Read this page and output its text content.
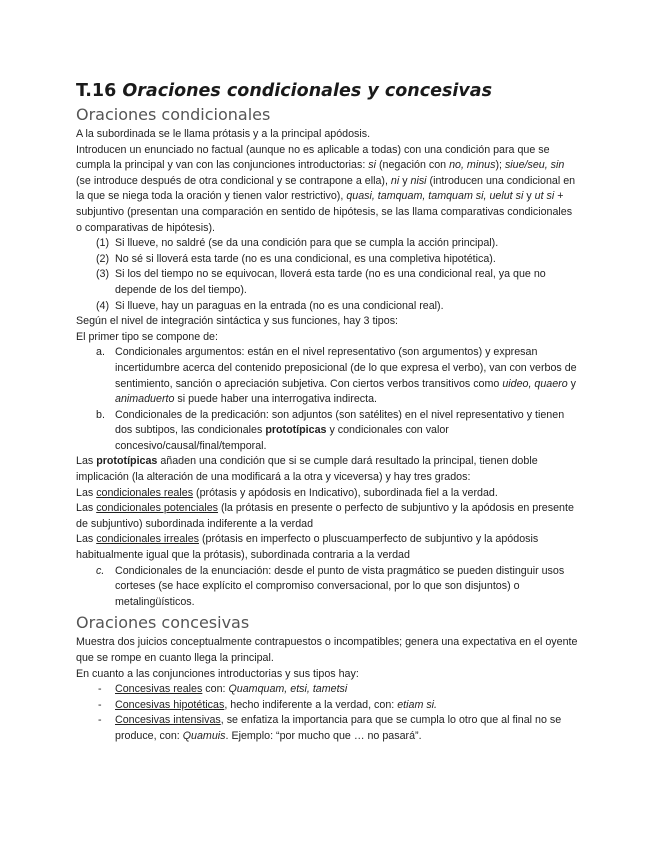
T.16 Oraciones condicionales y concesivas
Oraciones condicionales

A la subordinada se le llama prótasis y a la principal apódosis.

Introducen un enunciado no factual (aunque no es aplicable a todas) con una condición para que se cumpla la principal y van con las conjunciones introductorias: si (negación con no, minus); siue/seu, sin (se introduce después de otra condicional y se contrapone a ella), ni y nisi (introducen una condicional en la que se niega toda la oración y tienen valor restrictivo), quasi, tamquam, tamquam si, uelut si y ut si + subjuntivo (presentan una comparación en sentido de hipótesis, se las llama comparativas condicionales o comparativas de hipótesis).

(1) Si llueve, no saldré (se da una condición para que se cumpla la acción principal).
(2) No sé si lloverá esta tarde (no es una condicional, es una completiva hipotética).
(3) Si los del tiempo no se equivocan, lloverá esta tarde (no es una condicional real, ya que no depende de los del tiempo).
(4) Si llueve, hay un paraguas en la entrada (no es una condicional real).

Según el nivel de integración sintáctica y sus funciones, hay 3 tipos:

El primer tipo se compone de:

a. Condicionales argumentos: están en el nivel representativo (son argumentos) y expresan incertidumbre acerca del contenido preposicional (de lo que expresa el verbo), van con verbos de sentimiento, sanción o apreciación subjetiva. Con ciertos verbos transitivos como uideo, quaero y animaduerto si puede haber una interrogativa indirecta.
b. Condicionales de la predicación: son adjuntos (son satélites) en el nivel representativo y tienen dos subtipos, las condicionales prototípicas y condicionales con valor concesivo/causal/final/temporal.

Las prototípicas añaden una condición que si se cumple dará resultado la principal, tienen doble implicación (la alteración de una modificará a la otra y viceversa) y hay tres grados:

Las condicionales reales (prótasis y apódosis en Indicativo), subordinada fiel a la verdad.

Las condicionales potenciales (la prótasis en presente o perfecto de subjuntivo y la apódosis en presente de subjuntivo) subordinada indiferente a la verdad

Las condicionales irreales (prótasis en imperfecto o pluscuamperfecto de subjuntivo y la apódosis habitualmente igual que la prótasis), subordinada contraria a la verdad

c. Condicionales de la enunciación: desde el punto de vista pragmático se pueden distinguir usos corteses (se hace explícito el compromiso conversacional, por lo que son disjuntos) o metalingüísticos.
Oraciones concesivas

Muestra dos juicios conceptualmente contrapuestos o incompatibles; genera una expectativa en el oyente que se rompe en cuanto llega la principal.

En cuanto a las conjunciones introductorias y sus tipos hay:

- Concesivas reales con: Quamquam, etsi, tametsi
- Concesivas hipotéticas, hecho indiferente a la verdad, con: etiam si.
- Concesivas intensivas, se enfatiza la importancia para que se cumpla lo otro que al final no se produce, con: Quamuis. Ejemplo: “por mucho que … no pasará”.
